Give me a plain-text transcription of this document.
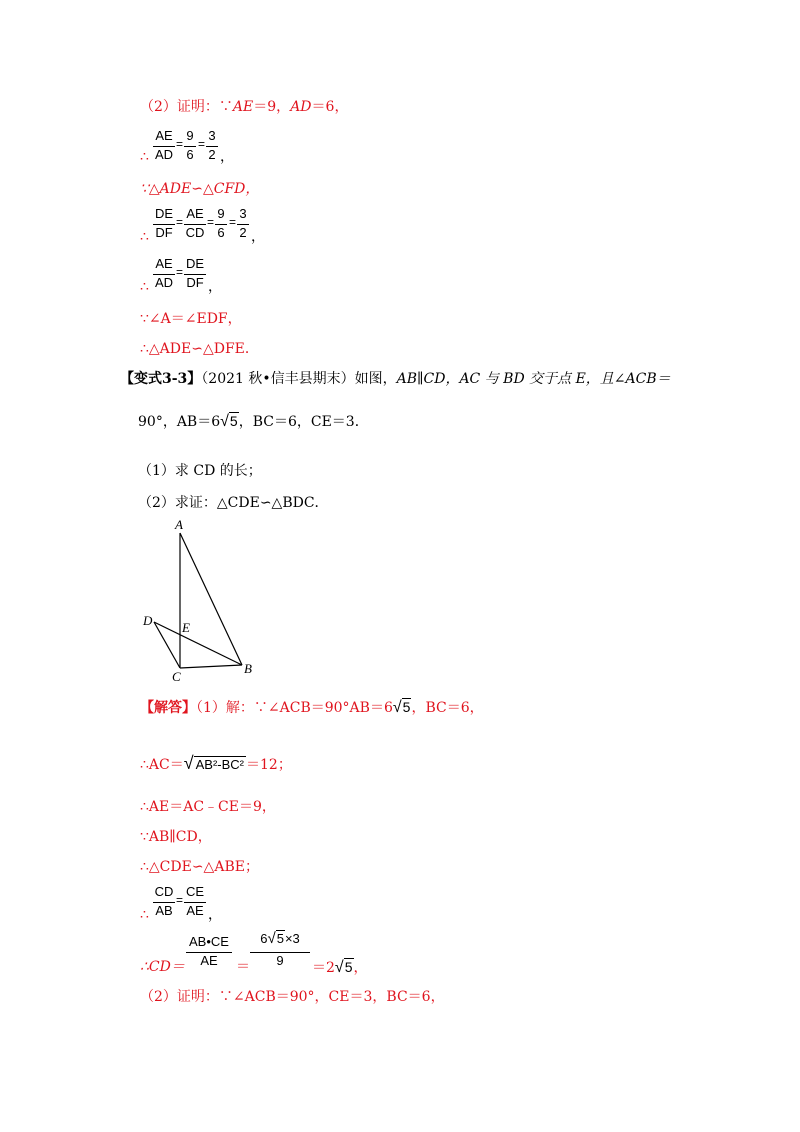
（2）证明：∵AE＝9，AD＝6，
∴
AE
AD
=
9
6
=
3
2 ，
∵△ADE∽△CFD，
∴
DE
DF
=
AE
CD
=
9
6
=
3
2 ，
∴
AE
AD
=
DE
DF ，
∵∠A＝∠EDF，
∴△ADE∽△DFE．
【变式3-3】（2021 秋•信丰县期末）如图，AB∥CD，AC 与 BD 交于点 E，且∠ACB＝
90°，AB＝6√5，BC＝6，CE＝3．
（1）求 CD 的长；
（2）求证：△CDE∽△BDC．
A
B
C
D E
【解答】（1）解：∵∠ACB＝90°AB＝6√5，BC＝6，
∴AC＝√ AB²-BC² ＝12；
∴AE＝AC﹣CE＝9，
∵AB∥CD，
∴△CDE∽△ABE；
∴
CD
AB
=
CE
AE ，
∴CD＝
AB•CE
AE	＝
6√5×3
9	＝2√5，
（2）证明：∵∠ACB＝90°，CE＝3，BC＝6，
